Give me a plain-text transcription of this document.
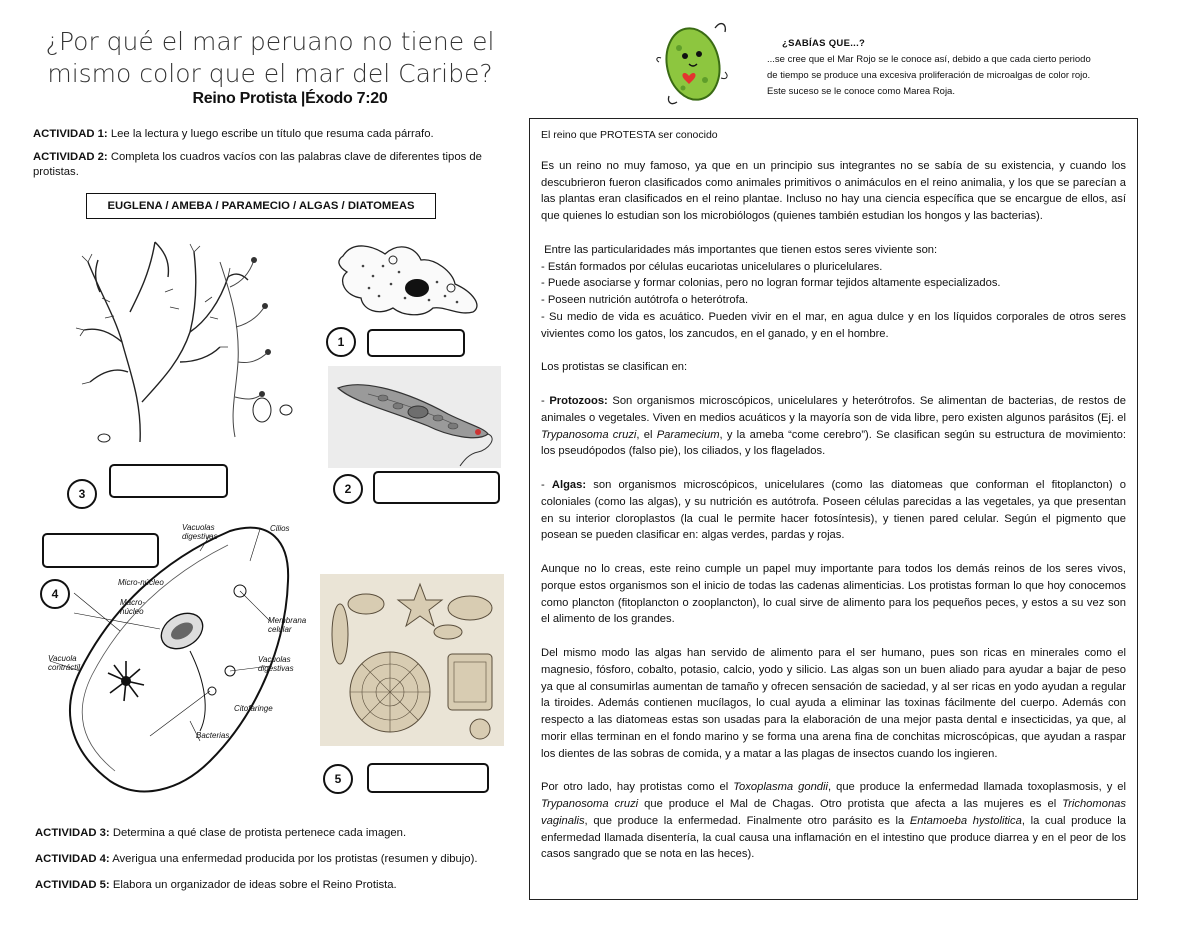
¿Por qué el mar peruano no tiene el
mismo color que el mar del Caribe?
Reino Protista |Éxodo 7:20
ACTIVIDAD 1: Lee la lectura y luego escribe un título que resuma cada párrafo.
ACTIVIDAD 2: Completa los cuadros vacíos con las palabras clave de diferentes tipos de protistas.
EUGLENA / AMEBA / PARAMECIO / ALGAS / DIATOMEAS
Vacuolas digestivas
Cilios
Micro-núcleo
Macro-núcleo
Membrana celular
Vacuola contráctil
Vacuolas digestivas
Citofaringe
Bacterias
1
2
3
4
5
ACTIVIDAD 3: Determina a qué clase de protista pertenece cada imagen.
ACTIVIDAD 4: Averigua una enfermedad producida por los protistas (resumen y dibujo).
ACTIVIDAD 5: Elabora un organizador de ideas sobre el Reino Protista.
¿SABÍAS QUE...?
...se cree que el Mar Rojo se le conoce así, debido a que cada cierto periodo
de tiempo se produce una excesiva proliferación de microalgas de color rojo.
Este suceso se le conoce como Marea Roja.
El reino que PROTESTA ser conocido

Es un reino no muy famoso, ya que en un principio sus integrantes no se sabía de su existencia, y cuando los descubrieron fueron clasificados como animales primitivos o animáculos en el reino animalia, y los que se parecían a las plantas eran clasificados en el reino plantae. Incluso no hay una ciencia específica que se encargue de ellos, así que quienes lo estudian son los microbiólogos (quienes también estudian los hongos y las bacterias).

Entre las particularidades más importantes que tienen estos seres viviente son:
- Están formados por células eucariotas unicelulares o pluricelulares.
- Puede asociarse y formar colonias, pero no logran formar tejidos altamente especializados.
- Poseen nutrición autótrofa o heterótrofa.
- Su medio de vida es acuático. Pueden vivir en el mar, en agua dulce y en los líquidos corporales de otros seres vivientes como los gatos, los zancudos, en el ganado, y en el hombre.

Los protistas se clasifican en:

- Protozoos: Son organismos microscópicos, unicelulares y heterótrofos. Se alimentan de bacterias, de restos de animales o vegetales. Viven en medios acuáticos y la mayoría son de vida libre, pero existen algunos parásitos (Ej. el Trypanosoma cruzi, el Paramecium, y la ameba “come cerebro”). Se clasifican según su estructura de movimiento: los pseudópodos (falso pie), los ciliados, y los flagelados.

- Algas: son organismos microscópicos, unicelulares (como las diatomeas que conforman el fitoplancton) o coloniales (como las algas), y su nutrición es autótrofa. Poseen células parecidas a las vegetales, ya que presentan en su interior cloroplastos (la cual le permite hacer fotosíntesis), y tienen pared celular. Según el pigmento que posean se pueden clasificar en: algas verdes, pardas y rojas.

Aunque no lo creas, este reino cumple un papel muy importante para todos los demás reinos de los seres vivos, porque estos organismos son el inicio de todas las cadenas alimenticias. Los protistas forman lo que hoy conocemos como plancton (fitoplancton o zooplancton), lo cual sirve de alimento para los pequeños peces, y estos a su vez son el alimento de los grandes.

Del mismo modo las algas han servido de alimento para el ser humano, pues son ricas en minerales como el magnesio, fósforo, cobalto, potasio, calcio, yodo y silicio. Las algas son un buen aliado para ayudar a bajar de peso ya que al consumirlas aumentan de tamaño y ofrecen sensación de saciedad, y al ser ricas en yodo ayudan a regular la tiroides. Además contienen mucílagos, lo cual ayuda a eliminar las toxinas fácilmente del cuerpo. Además con respecto a las diatomeas estas son usadas para la elaboración de una mejor pasta dental e insecticidas, ya que, al morir ellas terminan en el fondo marino y se forma una arena fina de conchitas microscópicas, que ayudan a raspar los dientes de las sobras de comida, y a matar a las plagas de insectos cuando los ingieren.

Por otro lado, hay protistas como el Toxoplasma gondii, que produce la enfermedad llamada toxoplasmosis, y el Trypanosoma cruzi que produce el Mal de Chagas. Otro protista que afecta a las mujeres es el Trichomonas vaginalis, que produce la enfermedad. Finalmente otro parásito es la Entamoeba hystolitica, la cual produce la enfermedad llamada disentería, la cual causa una inflamación en el intestino que produce diarrea y en el peor de los casos sangrado que se nota en las heces).
